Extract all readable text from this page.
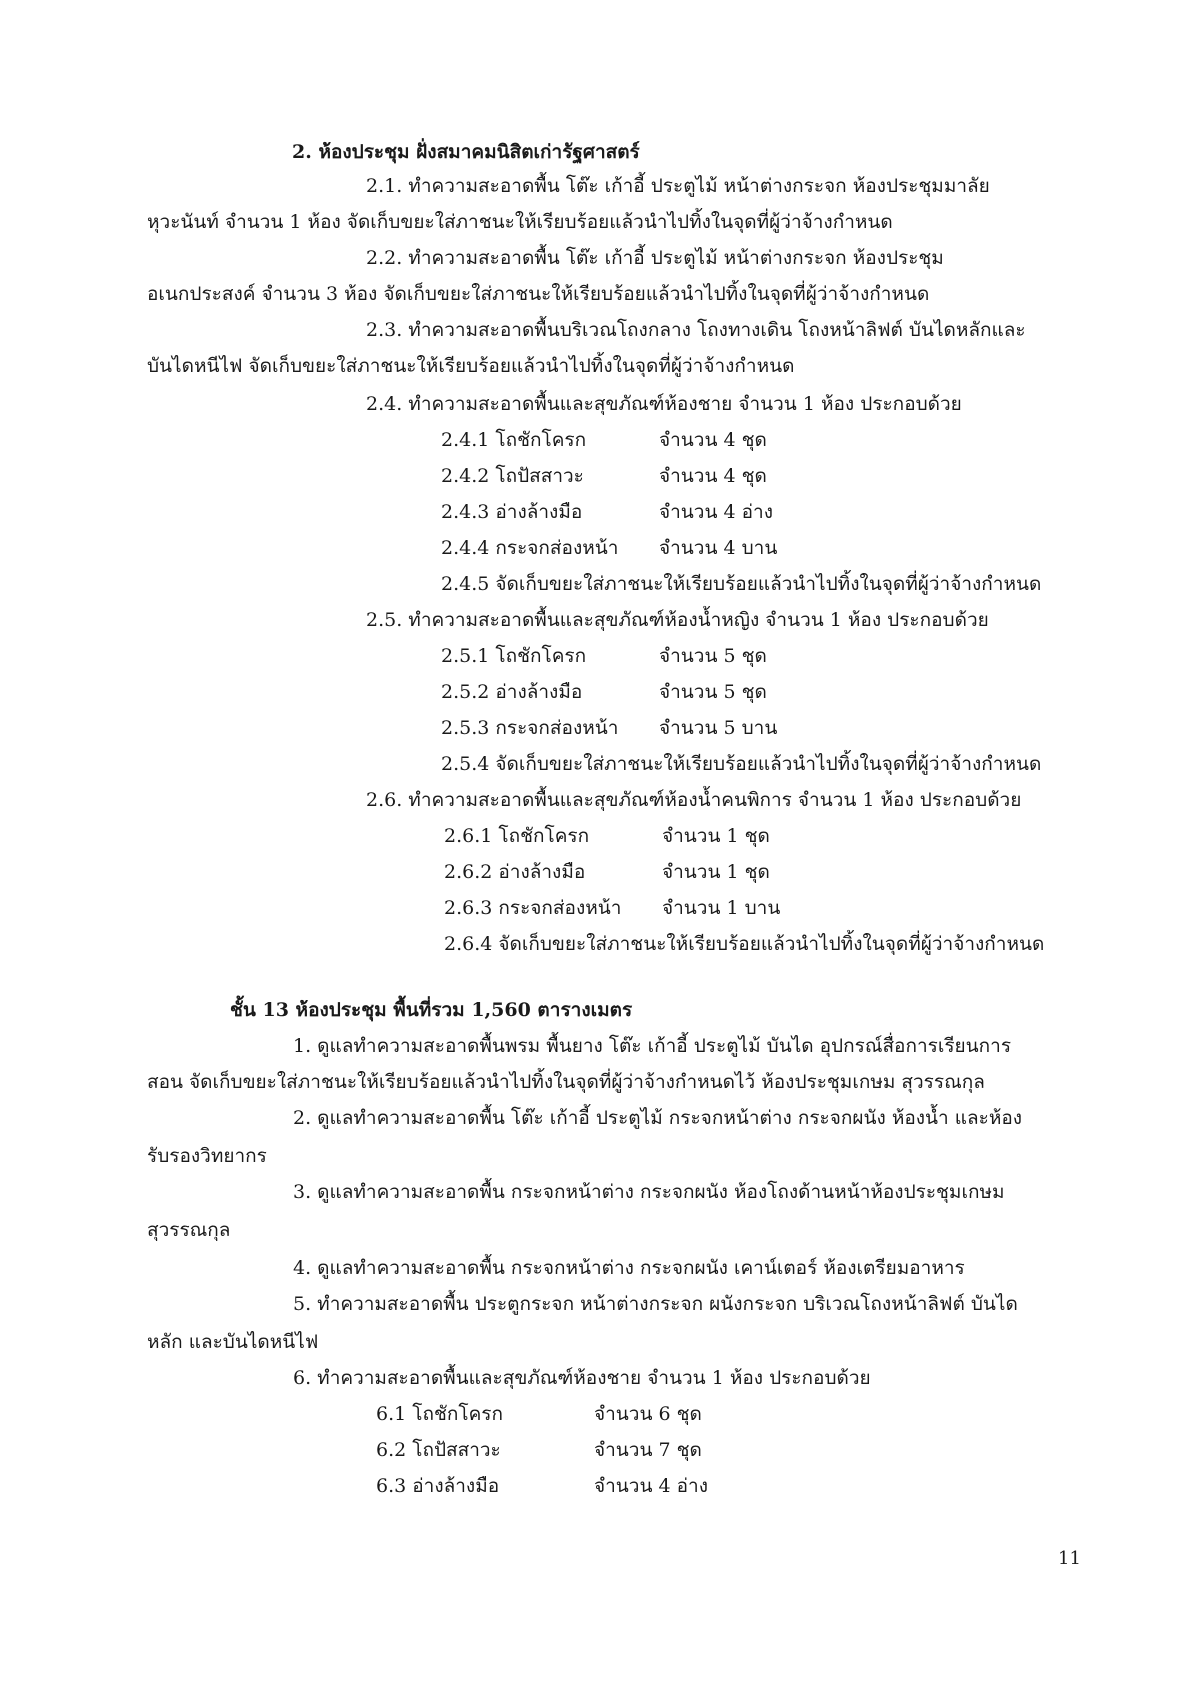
2. ห้องประชุม ฝั่งสมาคมนิสิตเก่ารัฐศาสตร์
2.1. ทำความสะอาดพื้น โต๊ะ เก้าอี้ ประตูไม้ หน้าต่างกระจก ห้องประชุมมาลัย
หุวะนันท์ จำนวน 1 ห้อง จัดเก็บขยะใส่ภาชนะให้เรียบร้อยแล้วนำไปทิ้งในจุดที่ผู้ว่าจ้างกำหนด
2.2. ทำความสะอาดพื้น โต๊ะ เก้าอี้ ประตูไม้ หน้าต่างกระจก ห้องประชุม
อเนกประสงค์ จำนวน 3 ห้อง จัดเก็บขยะใส่ภาชนะให้เรียบร้อยแล้วนำไปทิ้งในจุดที่ผู้ว่าจ้างกำหนด
2.3. ทำความสะอาดพื้นบริเวณโถงกลาง โถงทางเดิน โถงหน้าลิฟต์ บันไดหลักและ
บันไดหนีไฟ จัดเก็บขยะใส่ภาชนะให้เรียบร้อยแล้วนำไปทิ้งในจุดที่ผู้ว่าจ้างกำหนด
2.4. ทำความสะอาดพื้นและสุขภัณฑ์ห้องชาย จำนวน 1 ห้อง ประกอบด้วย
2.4.1 โถชักโครก	จำนวน 4 ชุด
2.4.2 โถปัสสาวะ	จำนวน 4 ชุด
2.4.3 อ่างล้างมือ	จำนวน 4 อ่าง
2.4.4 กระจกส่องหน้า จำนวน 4 บาน
2.4.5 จัดเก็บขยะใส่ภาชนะให้เรียบร้อยแล้วนำไปทิ้งในจุดที่ผู้ว่าจ้างกำหนด
2.5. ทำความสะอาดพื้นและสุขภัณฑ์ห้องน้ำหญิง จำนวน 1 ห้อง ประกอบด้วย
2.5.1 โถชักโครก	จำนวน 5 ชุด
2.5.2 อ่างล้างมือ	จำนวน 5 ชุด
2.5.3 กระจกส่องหน้า จำนวน 5 บาน
2.5.4 จัดเก็บขยะใส่ภาชนะให้เรียบร้อยแล้วนำไปทิ้งในจุดที่ผู้ว่าจ้างกำหนด
2.6. ทำความสะอาดพื้นและสุขภัณฑ์ห้องน้ำคนพิการ จำนวน 1 ห้อง ประกอบด้วย
2.6.1 โถชักโครก	จำนวน 1 ชุด
2.6.2 อ่างล้างมือ	จำนวน 1 ชุด
2.6.3 กระจกส่องหน้า จำนวน 1 บาน
2.6.4 จัดเก็บขยะใส่ภาชนะให้เรียบร้อยแล้วนำไปทิ้งในจุดที่ผู้ว่าจ้างกำหนด
ชั้น 13 ห้องประชุม พื้นที่รวม 1,560 ตารางเมตร
1. ดูแลทำความสะอาดพื้นพรม พื้นยาง โต๊ะ เก้าอี้ ประตูไม้ บันได อุปกรณ์สื่อการเรียนการ
สอน จัดเก็บขยะใส่ภาชนะให้เรียบร้อยแล้วนำไปทิ้งในจุดที่ผู้ว่าจ้างกำหนดไว้ ห้องประชุมเกษม สุวรรณกุล
2. ดูแลทำความสะอาดพื้น โต๊ะ เก้าอี้ ประตูไม้ กระจกหน้าต่าง กระจกผนัง ห้องน้ำ และห้อง
รับรองวิทยากร
3. ดูแลทำความสะอาดพื้น กระจกหน้าต่าง กระจกผนัง ห้องโถงด้านหน้าห้องประชุมเกษม
สุวรรณกุล
4. ดูแลทำความสะอาดพื้น กระจกหน้าต่าง กระจกผนัง เคาน์เตอร์ ห้องเตรียมอาหาร
5. ทำความสะอาดพื้น ประตูกระจก หน้าต่างกระจก ผนังกระจก บริเวณโถงหน้าลิฟต์ บันได
หลัก และบันไดหนีไฟ
6. ทำความสะอาดพื้นและสุขภัณฑ์ห้องชาย จำนวน 1 ห้อง ประกอบด้วย
6.1 โถชักโครก	จำนวน 6 ชุด
6.2 โถปัสสาวะ	จำนวน 7 ชุด
6.3 อ่างล้างมือ	จำนวน 4 อ่าง
11
